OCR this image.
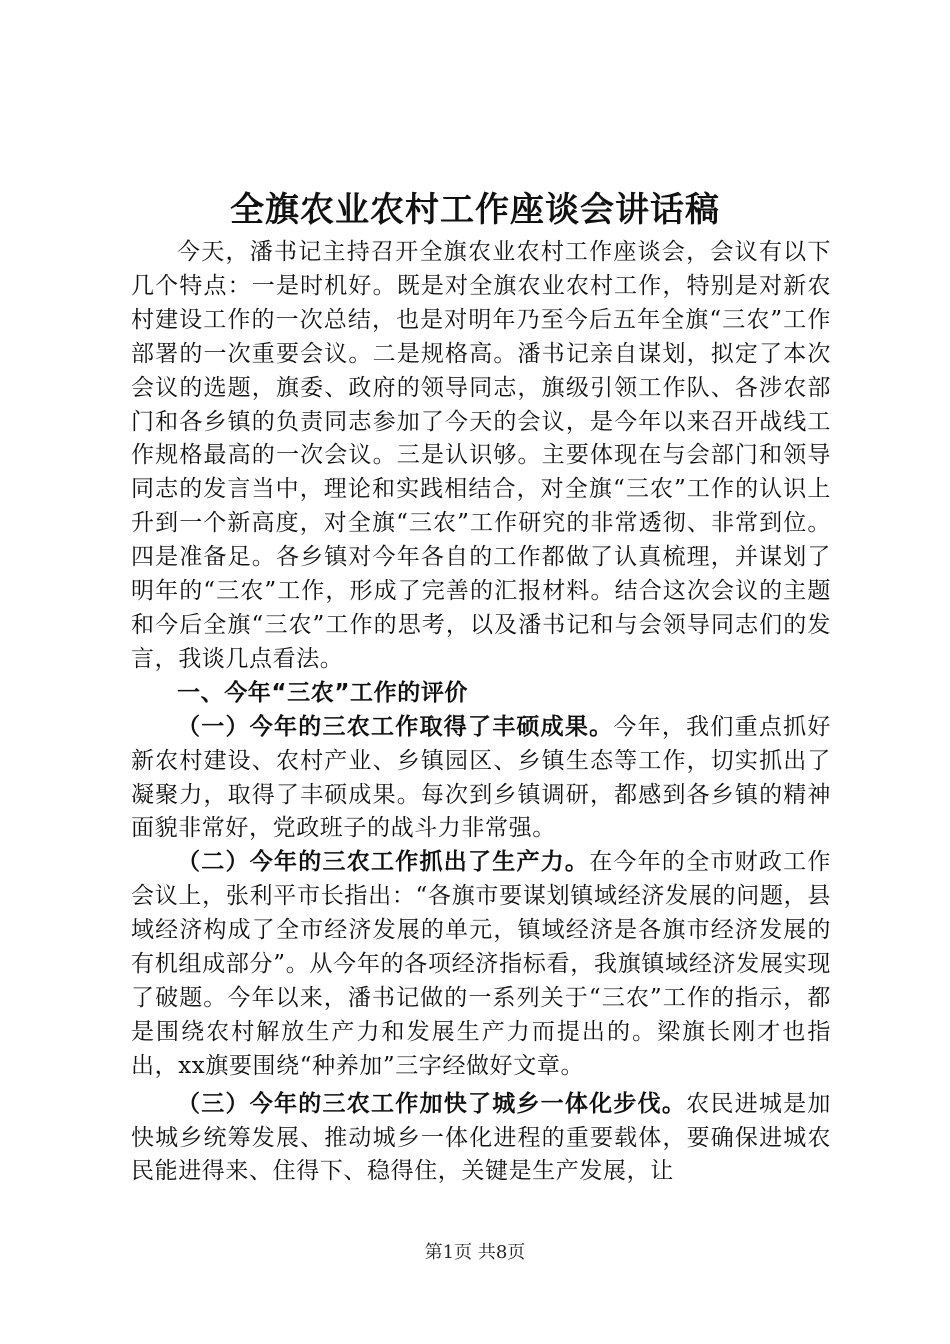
全旗农业农村工作座谈会讲话稿

今天，潘书记主持召开全旗农业农村工作座谈会，会议有以下几个特点：一是时机好。既是对全旗农业农村工作，特别是对新农村建设工作的一次总结，也是对明年乃至今后五年全旗“三农”工作部署的一次重要会议。二是规格高。潘书记亲自谋划，拟定了本次会议的选题，旗委、政府的领导同志，旗级引领工作队、各涉农部门和各乡镇的负责同志参加了今天的会议，是今年以来召开战线工作规格最高的一次会议。三是认识够。主要体现在与会部门和领导同志的发言当中，理论和实践相结合，对全旗“三农”工作的认识上升到一个新高度，对全旗“三农”工作研究的非常透彻、非常到位。四是准备足。各乡镇对今年各自的工作都做了认真梳理，并谋划了明年的“三农”工作，形成了完善的汇报材料。结合这次会议的主题和今后全旗“三农”工作的思考，以及潘书记和与会领导同志们的发言，我谈几点看法。

一、今年“三农”工作的评价

（一）今年的三农工作取得了丰硕成果。今年，我们重点抓好新农村建设、农村产业、乡镇园区、乡镇生态等工作，切实抓出了凝聚力，取得了丰硕成果。每次到乡镇调研，都感到各乡镇的精神面貌非常好，党政班子的战斗力非常强。

（二）今年的三农工作抓出了生产力。在今年的全市财政工作会议上，张利平市长指出：“各旗市要谋划镇域经济发展的问题，县域经济构成了全市经济发展的单元，镇域经济是各旗市经济发展的有机组成部分”。从今年的各项经济指标看，我旗镇域经济发展实现了破题。今年以来，潘书记做的一系列关于“三农”工作的指示，都是围绕农村解放生产力和发展生产力而提出的。梁旗长刚才也指出，xx旗要围绕“种养加”三字经做好文章。

（三）今年的三农工作加快了城乡一体化步伐。农民进城是加快城乡统筹发展、推动城乡一体化进程的重要载体，要确保进城农民能进得来、住得下、稳得住，关键是生产发展，让

第1页 共8页
